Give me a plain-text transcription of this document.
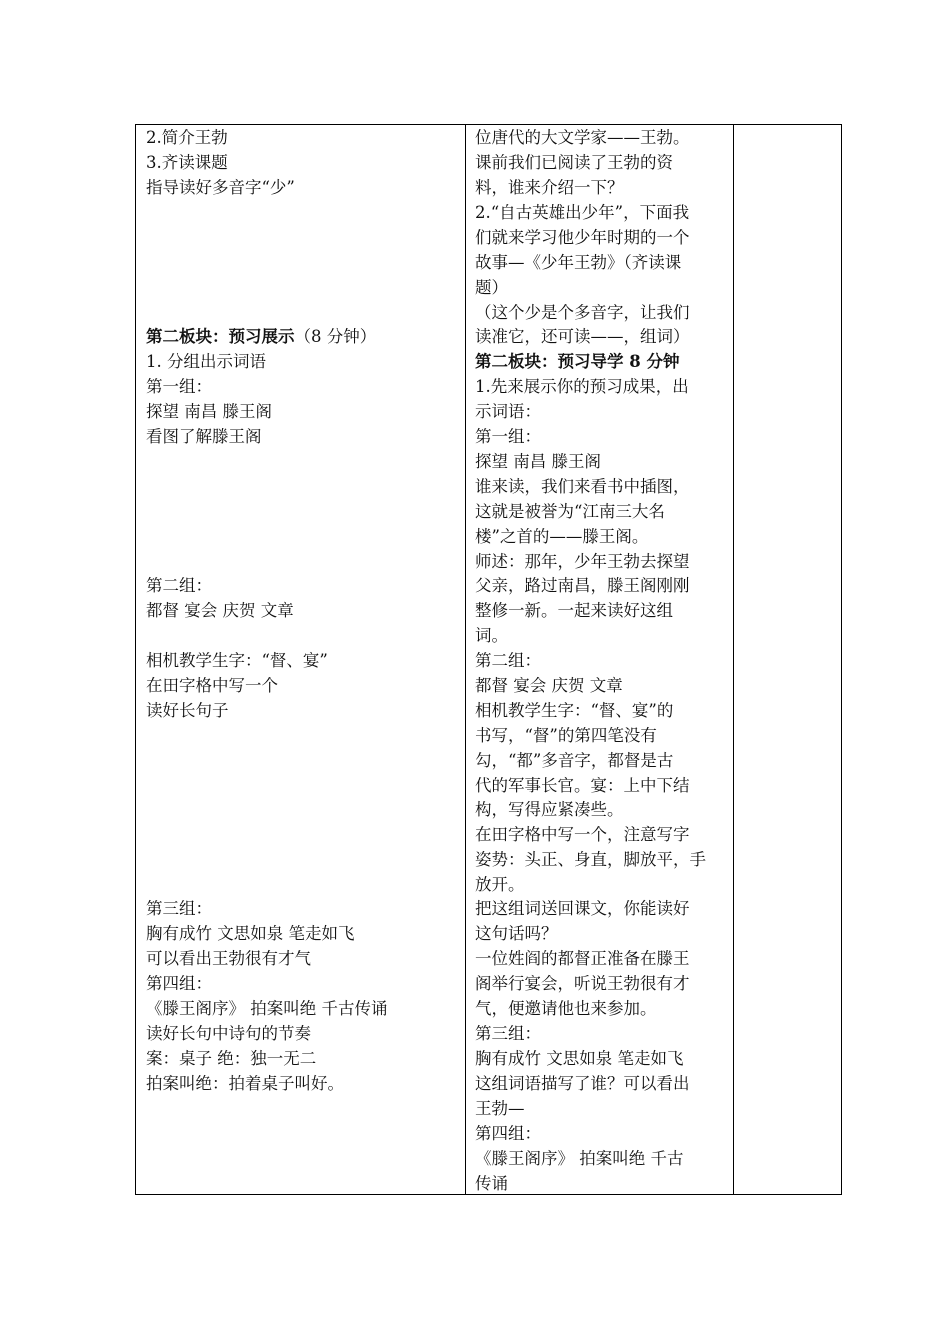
2.简介王勃
3.齐读课题
指导读好多音字“少”
第二板块：预习展示（8 分钟）
1. 分组出示词语
第一组：
探望 南昌 滕王阁
看图了解滕王阁
第二组：
都督 宴会 庆贺 文章
相机教学生字：“督、宴”
在田字格中写一个
读好长句子
第三组：
胸有成竹 文思如泉 笔走如飞
可以看出王勃很有才气
第四组：
《滕王阁序》 拍案叫绝 千古传诵
读好长句中诗句的节奏
案：桌子 绝：独一无二
拍案叫绝：拍着桌子叫好。

位唐代的大文学家——王勃。
课前我们已阅读了王勃的资
料，谁来介绍一下？
2.“自古英雄出少年”，下面我
们就来学习他少年时期的一个
故事—《少年王勃》（齐读课
题）
（这个少是个多音字，让我们
读准它，还可读——，组词）
第二板块：预习导学 8 分钟
1.先来展示你的预习成果，出
示词语：
第一组：
探望 南昌 滕王阁
谁来读，我们来看书中插图，
这就是被誉为“江南三大名
楼”之首的——滕王阁。
师述：那年，少年王勃去探望
父亲，路过南昌，滕王阁刚刚
整修一新。一起来读好这组
词。
第二组：
都督 宴会 庆贺 文章
相机教学生字：“督、宴”的
书写，“督”的第四笔没有
勾，“都”多音字，都督是古
代的军事长官。宴：上中下结
构，写得应紧凑些。
在田字格中写一个，注意写字
姿势：头正、身直，脚放平，手
放开。
把这组词送回课文，你能读好
这句话吗？
一位姓阎的都督正准备在滕王
阁举行宴会，听说王勃很有才
气，便邀请他也来参加。
第三组：
胸有成竹 文思如泉 笔走如飞
这组词语描写了谁？可以看出
王勃—
第四组：
《滕王阁序》 拍案叫绝 千古
传诵
